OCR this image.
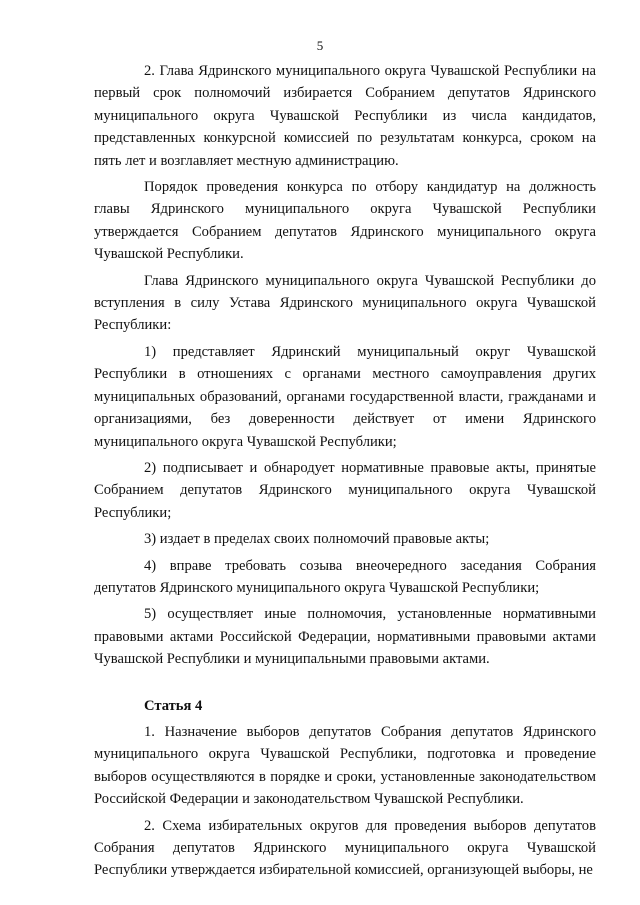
5

2. Глава Ядринского муниципального округа Чувашской Республики на первый срок полномочий избирается Собранием депутатов Ядринского муниципального округа Чувашской Республики из числа кандидатов, представленных конкурсной комиссией по результатам конкурса, сроком на пять лет и возглавляет местную администрацию.

Порядок проведения конкурса по отбору кандидатур на должность главы Ядринского муниципального округа Чувашской Республики утверждается Собранием депутатов Ядринского муниципального округа Чувашской Республики.

Глава Ядринского муниципального округа Чувашской Республики до вступления в силу Устава Ядринского муниципального округа Чувашской Республики:

1) представляет Ядринский муниципальный округ Чувашской Республики в отношениях с органами местного самоуправления других муниципальных образований, органами государственной власти, гражданами и организациями, без доверенности действует от имени Ядринского муниципального округа Чувашской Республики;

2) подписывает и обнародует нормативные правовые акты, принятые Собранием депутатов Ядринского муниципального округа Чувашской Республики;

3) издает в пределах своих полномочий правовые акты;

4) вправе требовать созыва внеочередного заседания Собрания депутатов Ядринского муниципального округа Чувашской Республики;

5) осуществляет иные полномочия, установленные нормативными правовыми актами Российской Федерации, нормативными правовыми актами Чувашской Республики и муниципальными правовыми актами.

Статья 4

1. Назначение выборов депутатов Собрания депутатов Ядринского муниципального округа Чувашской Республики, подготовка и проведение выборов осуществляются в порядке и сроки, установленные законодательством Российской Федерации и законодательством Чувашской Республики.

2. Схема избирательных округов для проведения выборов депутатов Собрания депутатов Ядринского муниципального округа Чувашской Республики утверждается избирательной комиссией, организующей выборы, не
